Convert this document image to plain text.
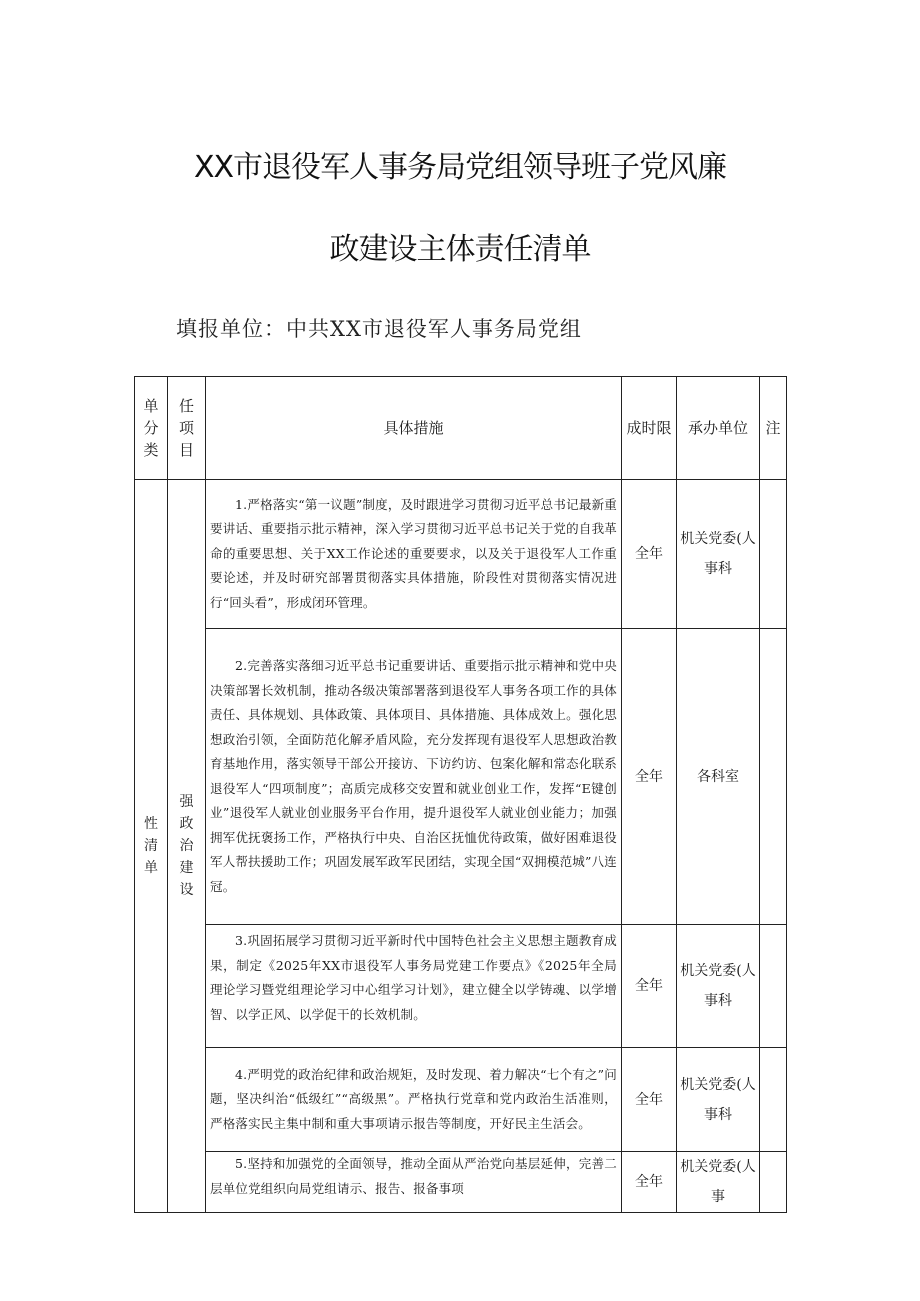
XX市退役军人事务局党组领导班子党风廉
政建设主体责任清单
填报单位：中共XX市退役军人事务局党组
单分类	任项目	具体措施	成时限	承办单位	注
性清单	强政治建设	1.严格落实“第一议题”制度，及时跟进学习贯彻习近平总书记最新重要讲话、重要指示批示精神，深入学习贯彻习近平总书记关于党的自我革命的重要思想、关于XX工作论述的重要要求，以及关于退役军人工作重要论述，并及时研究部署贯彻落实具体措施，阶段性对贯彻落实情况进行“回头看”，形成闭环管理。	全年	机关党委(人事科	
		2.完善落实落细习近平总书记重要讲话、重要指示批示精神和党中央决策部署长效机制，推动各级决策部署落到退役军人事务各项工作的具体责任、具体规划、具体政策、具体项目、具体措施、具体成效上。强化思想政治引领，全面防范化解矛盾风险，充分发挥现有退役军人思想政治教育基地作用，落实领导干部公开接访、下访约访、包案化解和常态化联系退役军人“四项制度”；高质完成移交安置和就业创业工作，发挥“E键创业”退役军人就业创业服务平台作用，提升退役军人就业创业能力；加强拥军优抚褒扬工作，严格执行中央、自治区抚恤优待政策，做好困难退役军人帮扶援助工作；巩固发展军政军民团结，实现全国“双拥模范城”八连冠。	全年	各科室	
		3.巩固拓展学习贯彻习近平新时代中国特色社会主义思想主题教育成果，制定《2025年XX市退役军人事务局党建工作要点》《2025年全局理论学习暨党组理论学习中心组学习计划》，建立健全以学铸魂、以学增智、以学正风、以学促干的长效机制。	全年	机关党委(人事科	
		4.严明党的政治纪律和政治规矩，及时发现、着力解决“七个有之”问题，坚决纠治“低级红”“高级黑”。严格执行党章和党内政治生活准则，严格落实民主集中制和重大事项请示报告等制度，开好民主生活会。	全年	机关党委(人事科	
		5.坚持和加强党的全面领导，推动全面从严治党向基层延伸，完善二层单位党组织向局党组请示、报告、报备事项	全年	机关党委(人事	
